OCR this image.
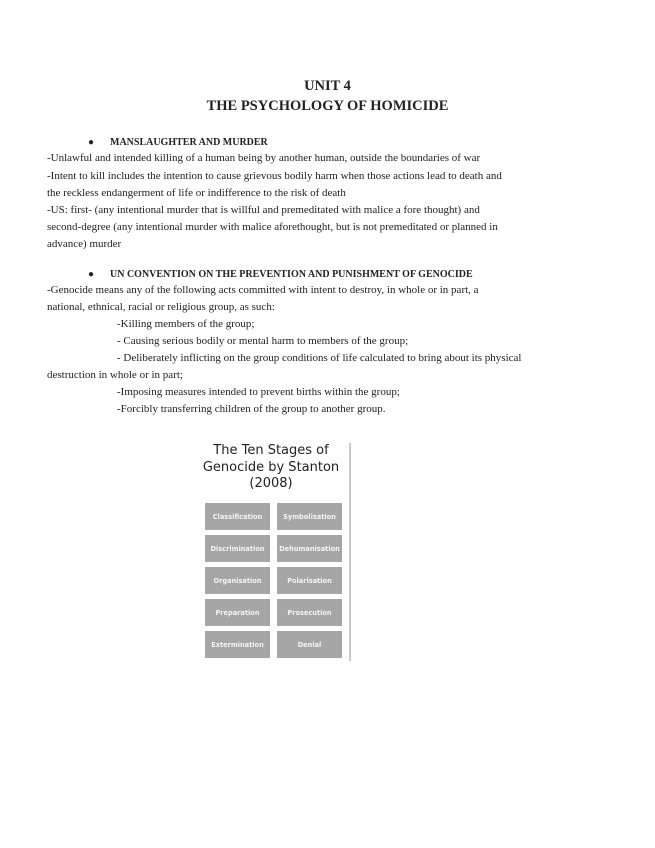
UNIT 4
THE PSYCHOLOGY OF HOMICIDE
● MANSLAUGHTER AND MURDER
-Unlawful and intended killing of a human being by another human, outside the boundaries of war
-Intent to kill includes the intention to cause grievous bodily harm when those actions lead to death and
the reckless endangerment of life or indifference to the risk of death
-US: first- (any intentional murder that is willful and premeditated with malice a fore thought) and
second-degree (any intentional murder with malice aforethought, but is not premeditated or planned in
advance) murder
● UN CONVENTION ON THE PREVENTION AND PUNISHMENT OF GENOCIDE
-Genocide means any of the following acts committed with intent to destroy, in whole or in part, a
national, ethnical, racial or religious group, as such:
-Killing members of the group;
- Causing serious bodily or mental harm to members of the group;
- Deliberately inflicting on the group conditions of life calculated to bring about its physical
destruction in whole or in part;
-Imposing measures intended to prevent births within the group;
-Forcibly transferring children of the group to another group.
The Ten Stages of
Genocide by Stanton
(2008)
Classification	Symbolisation
Discrimination	Dehumanisation
Organisation	Polarisation
Preparation	Prosecution
Extermination	Denial
